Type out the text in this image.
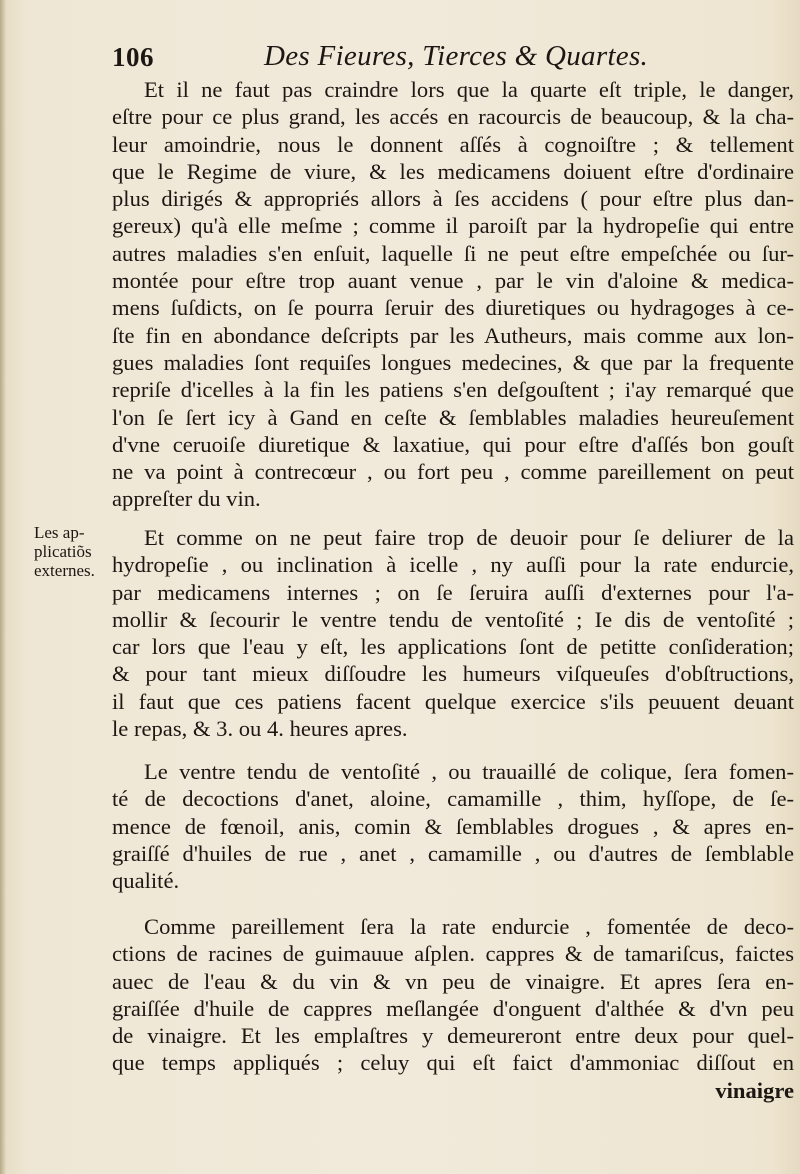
106	Des Fieures, Tierces & Quartes.
Les ap-
plicatiõs
externes.
Et il ne faut pas craindre lors que la quarte eſt triple, le danger,
eſtre pour ce plus grand, les accés en racourcis de beaucoup, & la cha-
leur amoindrie, nous le donnent aſſés à cognoiſtre ; & tellement
que le Regime de viure, & les medicamens doiuent eſtre d'ordinaire
plus dirigés & appropriés allors à ſes accidens ( pour eſtre plus dan-
gereux) qu'à elle meſme ; comme il paroiſt par la hydropeſie qui entre
autres maladies s'en enſuit, laquelle ſi ne peut eſtre empeſchée ou ſur-
montée pour eſtre trop auant venue , par le vin d'aloine & medica-
mens ſuſdicts, on ſe pourra ſeruir des diuretiques ou hydragoges à ce-
ſte fin en abondance deſcripts par les Autheurs, mais comme aux lon-
gues maladies ſont requiſes longues medecines, & que par la frequente
repriſe d'icelles à la fin les patiens s'en deſgouſtent ; i'ay remarqué que
l'on ſe ſert icy à Gand en ceſte & ſemblables maladies heureuſement
d'vne ceruoiſe diuretique & laxatiue, qui pour eſtre d'aſſés bon gouſt
ne va point à contrecœur , ou fort peu , comme pareillement on peut
appreſter du vin.
Et comme on ne peut faire trop de deuoir pour ſe deliurer de la
hydropeſie , ou inclination à icelle , ny auſſi pour la rate endurcie,
par medicamens internes ; on ſe ſeruira auſſi d'externes pour l'a-
mollir & ſecourir le ventre tendu de ventoſité ; Ie dis de ventoſité ;
car lors que l'eau y eſt, les applications ſont de petitte conſideration;
& pour tant mieux diſſoudre les humeurs viſqueuſes d'obſtructions,
il faut que ces patiens facent quelque exercice s'ils peuuent deuant
le repas, & 3. ou 4. heures apres.
Le ventre tendu de ventoſité , ou trauaillé de colique, ſera fomen-
té de decoctions d'anet, aloine, camamille , thim, hyſſope, de ſe-
mence de fœnoil, anis, comin & ſemblables drogues , & apres en-
graiſſé d'huiles de rue , anet , camamille , ou d'autres de ſemblable
qualité.
Comme pareillement ſera la rate endurcie , fomentée de deco-
ctions de racines de guimauue aſplen. cappres & de tamariſcus, faictes
auec de l'eau & du vin & vn peu de vinaigre. Et apres ſera en-
graiſſée d'huile de cappres meſlangée d'onguent d'althée & d'vn peu
de vinaigre. Et les emplaſtres y demeureront entre deux pour quel-
que temps appliqués ; celuy qui eſt faict d'ammoniac diſſout en
vinaigre
